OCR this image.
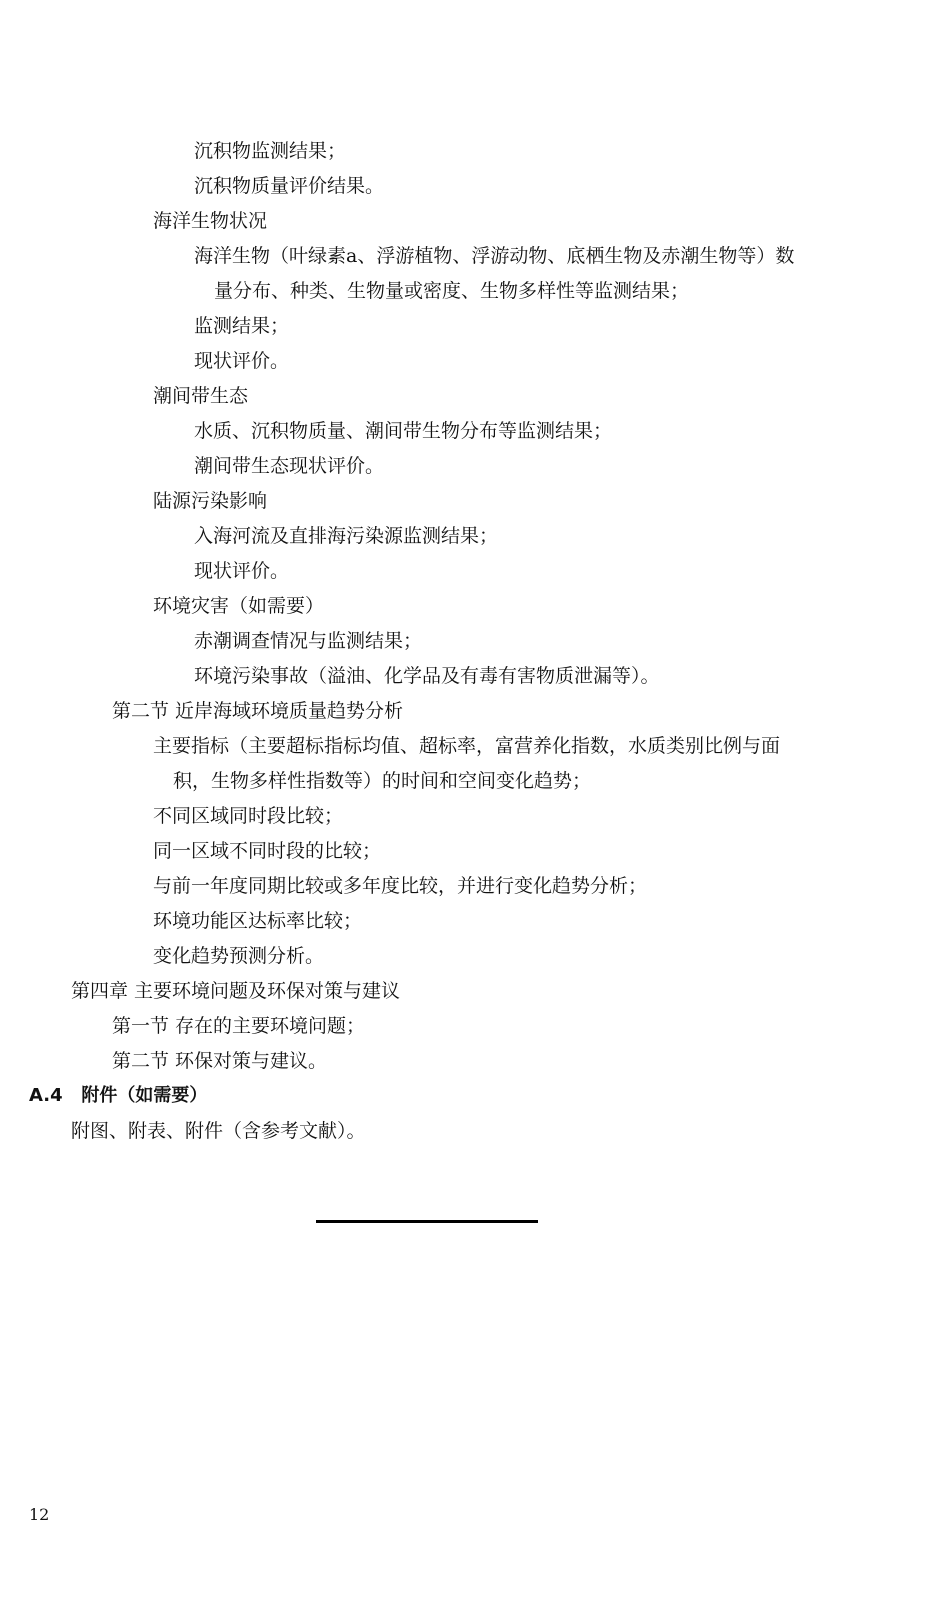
沉积物监测结果；

沉积物质量评价结果。

海洋生物状况

海洋生物（叶绿素a、浮游植物、浮游动物、底栖生物及赤潮生物等）数

量分布、种类、生物量或密度、生物多样性等监测结果；

监测结果；

现状评价。

潮间带生态

水质、沉积物质量、潮间带生物分布等监测结果；

潮间带生态现状评价。

陆源污染影响

入海河流及直排海污染源监测结果；

现状评价。

环境灾害（如需要）

赤潮调查情况与监测结果；

环境污染事故（溢油、化学品及有毒有害物质泄漏等）。

第二节 近岸海域环境质量趋势分析

主要指标（主要超标指标均值、超标率，富营养化指数，水质类别比例与面

积，生物多样性指数等）的时间和空间变化趋势；

不同区域同时段比较；

同一区域不同时段的比较；

与前一年度同期比较或多年度比较，并进行变化趋势分析；

环境功能区达标率比较；

变化趋势预测分析。

第四章 主要环境问题及环保对策与建议

第一节 存在的主要环境问题；

第二节 环保对策与建议。

A.4   附件（如需要）

附图、附表、附件（含参考文献）。

12
